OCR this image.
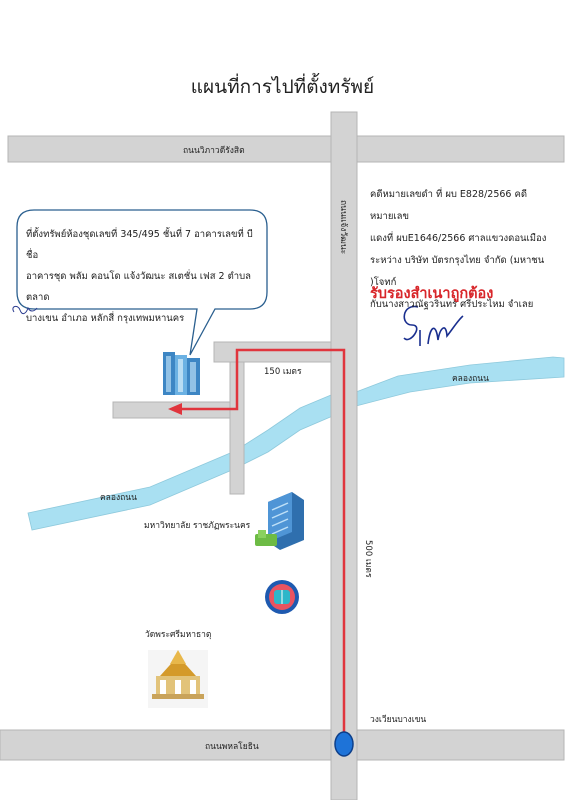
แผนที่การไปที่ตั้งทรัพย์
ถนนวิภาวดีรังสิต
ถนนพหลโยธิน
ถนนแจ้งวัฒนะ
คลองถนน
คลองถนน
150 เมตร
500 เมตร
มหาวิทยาลัย ราชภัฏพระนคร
วัดพระศรีมหาธาตุ
วงเวียนบางเขน
ที่ตั้งทรัพย์ห้องชุดเลขที่ 345/495 ชั้นที่ 7 อาคารเลขที่ บี ชื่อ
อาคารชุด พลัม คอนโด แจ้งวัฒนะ สเตชั่น เฟส 2 ตำบลตลาด
บางเขน อำเภอ หลักสี่ กรุงเทพมหานคร
คดีหมายเลขดำ ที่ ผบ E828/2566 คดีหมายเลข
แดงที่ ผบE1646/2566 ศาลแขวงดอนเมือง
ระหว่าง บริษัท บัตรกรุงไทย จำกัด (มหาชน )โจทก์
กับนางสาวณัฐวรินทร์ ศรีประไหม จำเลย
รับรองสำเนาถูกต้อง
